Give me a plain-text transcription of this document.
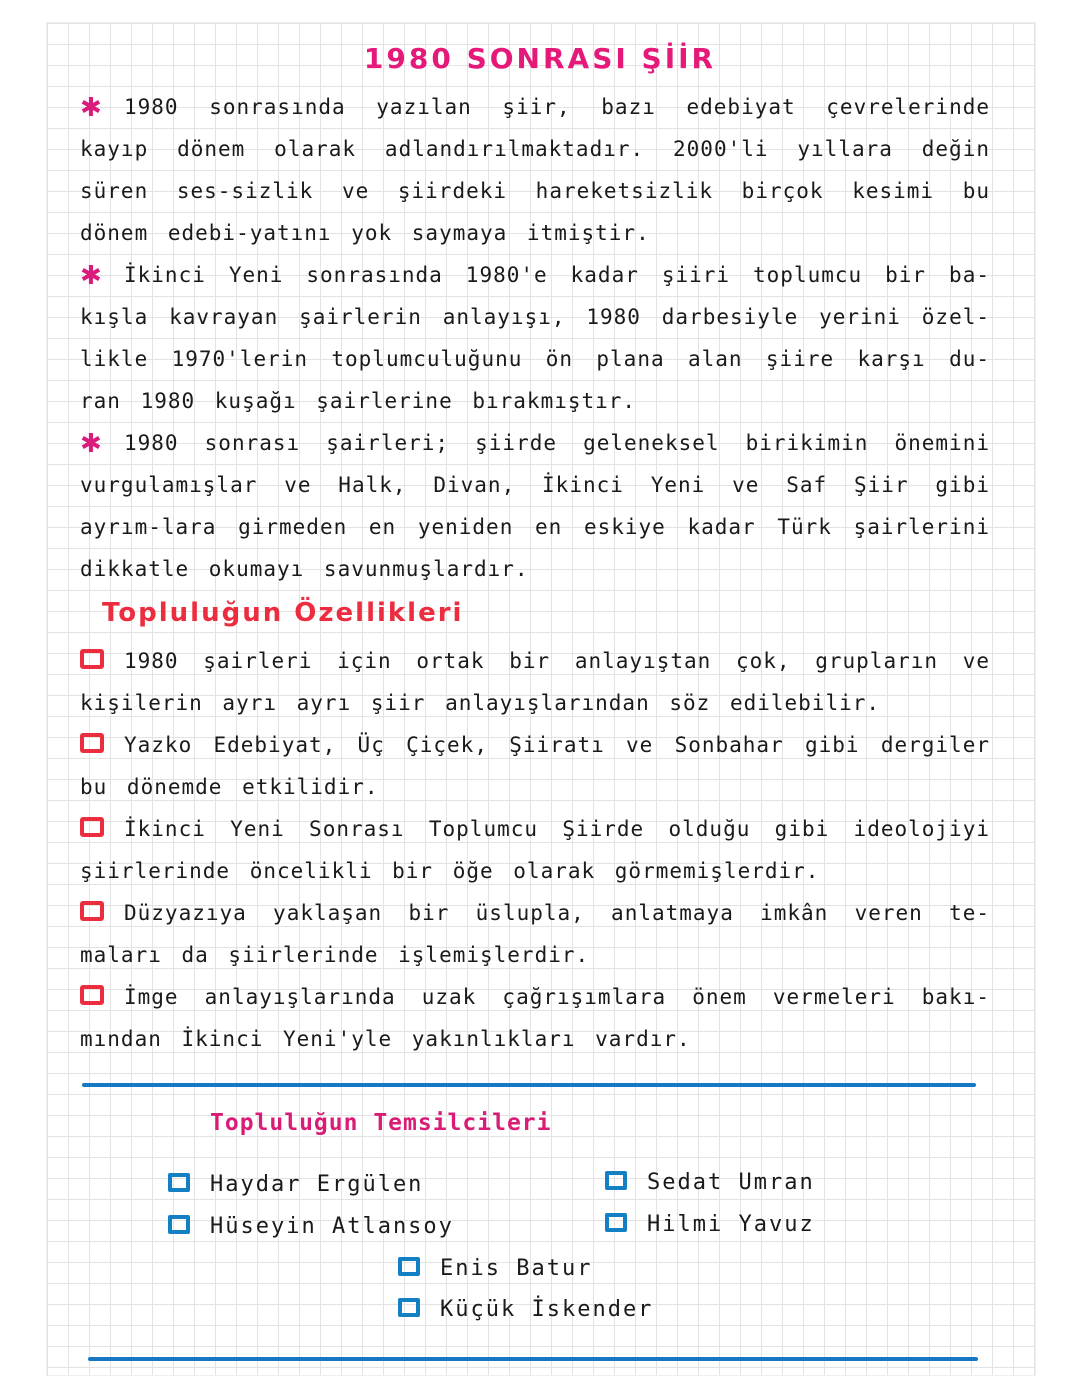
1980 SONRASI ŞİİR

✱ 1980 sonrasında yazılan şiir, bazı edebiyat çevrelerinde kayıp dönem olarak adlandırılmaktadır. 2000'li yıllara değin süren ses-sizlik ve şiirdeki hareketsizlik birçok kesimi bu dönem edebi-yatını yok saymaya itmiştir.

✱ İkinci Yeni sonrasında 1980'e kadar şiiri toplumcu bir ba-kışla kavrayan şairlerin anlayışı, 1980 darbesiyle yerini özel-likle 1970'lerin toplumculuğunu ön plana alan şiire karşı du-ran 1980 kuşağı şairlerine bırakmıştır.

✱ 1980 sonrası şairleri; şiirde geleneksel birikimin önemini vurgulamışlar ve Halk, Divan, İkinci Yeni ve Saf Şiir gibi ayrım-lara girmeden en yeniden en eskiye kadar Türk şairlerini dikkatle okumayı savunmuşlardır.

Topluluğun Özellikleri
1980 şairleri için ortak bir anlayıştan çok, grupların ve kişilerin ayrı ayrı şiir anlayışlarından söz edilebilir.
Yazko Edebiyat, Üç Çiçek, Şiiratı ve Sonbahar gibi dergiler bu dönemde etkilidir.
İkinci Yeni Sonrası Toplumcu Şiirde olduğu gibi ideolojiyi şiirlerinde öncelikli bir öğe olarak görmemişlerdir.
Düzyazıya yaklaşan bir üslupla, anlatmaya imkân veren te-maları da şiirlerinde işlemişlerdir.
İmge anlayışlarında uzak çağrışımlara önem vermeleri bakı-mından İkinci Yeni'yle yakınlıkları vardır.
Topluluğun Temsilcileri
Haydar Ergülen
Hüseyin Atlansoy
Sedat Umran
Hilmi Yavuz
Enis Batur
Küçük İskender
